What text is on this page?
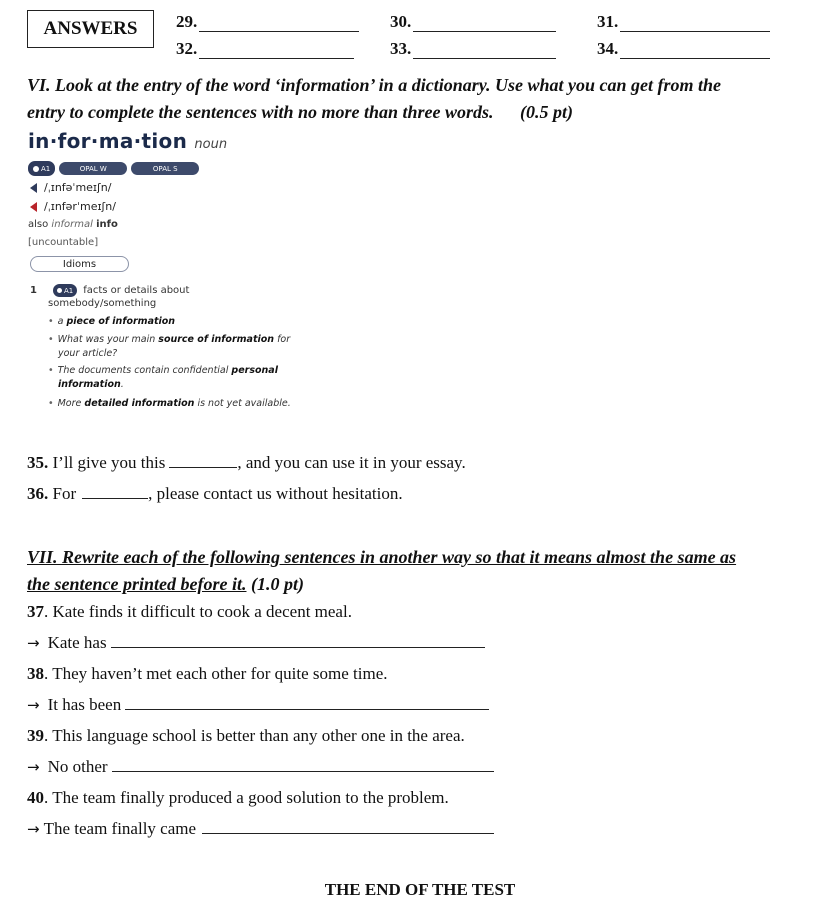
ANSWERS 29.	30.	31.
32.	33.	34.
VI. Look at the entry of the word ‘information’ in a dictionary. Use what you can get from the
entry to complete the sentences with no more than three words. (0.5 pt)
in·for·ma·tion noun
A1	OPAL W	OPAL S
/ˌɪnfəˈmeɪʃn/
/ˌɪnfərˈmeɪʃn/
also informal info
[uncountable]
Idioms
1	A1 facts or details about
somebody/something
• a piece of information
• What was your main source of information for
your article?
• The documents contain confidential personal
information.
• More detailed information is not yet available.
35. I’ll give you this	, and you can use it in your essay.
36. For	, please contact us without hesitation.
VII. Rewrite each of the following sentences in another way so that it means almost the same as
the sentence printed before it. (1.0 pt)
37. Kate finds it difficult to cook a decent meal.
→ Kate has
38. They haven’t met each other for quite some time.
→ It has been
39. This language school is better than any other one in the area.
→ No other
40. The team finally produced a good solution to the problem.
→ The team finally came
THE END OF THE TEST
